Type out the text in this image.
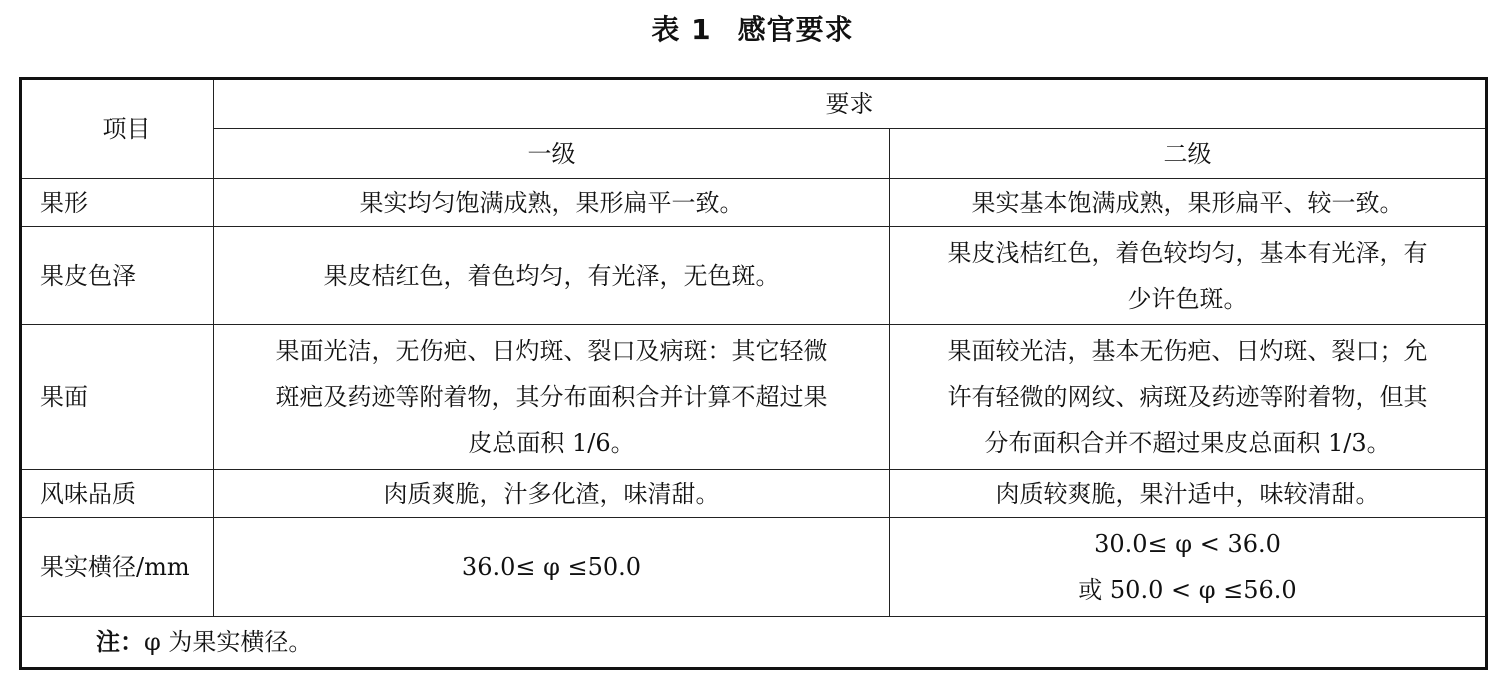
表 1 感官要求
项目	要求	
	一级	二级
果形	果实均匀饱满成熟，果形扁平一致。	果实基本饱满成熟，果形扁平、较一致。

果皮色泽	果皮桔红色，着色均匀，有光泽，无色斑。	果皮浅桔红色，着色较均匀，基本有光泽，有
少许色斑。

果面	果面光洁，无伤疤、日灼斑、裂口及病斑：其它轻微
斑疤及药迹等附着物，其分布面积合并计算不超过果
皮总面积 1/6。	果面较光洁，基本无伤疤、日灼斑、裂口；允
许有轻微的网纹、病斑及药迹等附着物，但其
分布面积合并不超过果皮总面积 1/3。

风味品质	肉质爽脆，汁多化渣，味清甜。	肉质较爽脆，果汁适中，味较清甜。

果实横径/mm	36.0≤ φ ≤50.0	30.0≤ φ < 36.0
或 50.0 < φ ≤56.0

注：φ 为果实横径。		
